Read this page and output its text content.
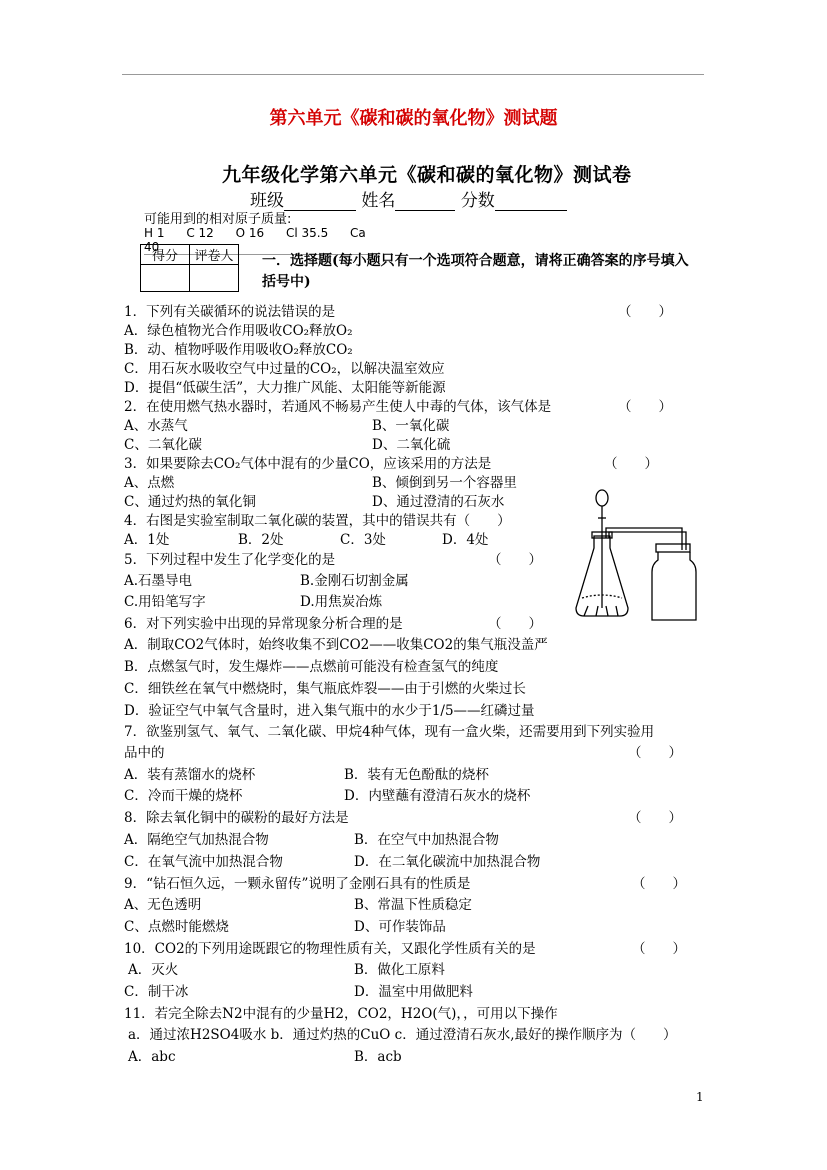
第六单元《碳和碳的氧化物》测试题
九年级化学第六单元《碳和碳的氧化物》测试卷
班级	姓名	分数
可能用到的相对原子质量:
H 1 C 12 O 16 Cl 35.5 Ca 40
得分	评卷人
	一．选择题(每小题只有一个选项符合题意，请将正确答案的序号填入括号中)
1．下列有关碳循环的说法错误的是	（　　）
A．绿色植物光合作用吸收CO₂释放O₂
B．动、植物呼吸作用吸收O₂释放CO₂
C．用石灰水吸收空气中过量的CO₂，以解决温室效应
D．提倡“低碳生活”，大力推广风能、太阳能等新能源
2．在使用燃气热水器时，若通风不畅易产生使人中毒的气体，该气体是	（　　）
A、水蒸气	B、一氧化碳
C、二氧化碳	D、二氧化硫
3．如果要除去CO₂气体中混有的少量CO，应该采用的方法是	（　　）
A、点燃	B、倾倒到另一个容器里
C、通过灼热的氧化铜	D、通过澄清的石灰水
4．右图是实验室制取二氧化碳的装置，其中的错误共有（　　）
A．1处	B．2处	C．3处	D．4处
5．下列过程中发生了化学变化的是	（　　）
A.石墨导电	B.金刚石切割金属
C.用铅笔写字	D.用焦炭冶炼
6．对下列实验中出现的异常现象分析合理的是	（　　）
A．制取CO2气体时，始终收集不到CO2——收集CO2的集气瓶没盖严
B．点燃氢气时，发生爆炸——点燃前可能没有检查氢气的纯度
C．细铁丝在氧气中燃烧时，集气瓶底炸裂——由于引燃的火柴过长
D．验证空气中氧气含量时，进入集气瓶中的水少于1/5——红磷过量
7．欲鉴别氢气、氧气、二氧化碳、甲烷4种气体，现有一盒火柴，还需要用到下列实验用
品中的	（　　）
A．装有蒸馏水的烧杯	B．装有无色酚酞的烧杯
C．冷而干燥的烧杯	D．内壁蘸有澄清石灰水的烧杯
8．除去氧化铜中的碳粉的最好方法是	（　　）
A．隔绝空气加热混合物	B．在空气中加热混合物
C．在氧气流中加热混合物	D．在二氧化碳流中加热混合物
9．“钻石恒久远，一颗永留传”说明了金刚石具有的性质是	（　　）
A、无色透明	B、常温下性质稳定
C、点燃时能燃烧	D、可作装饰品
10．CO2的下列用途既跟它的物理性质有关，又跟化学性质有关的是	（　　）
A．灭火	B．做化工原料
C．制干冰	D．温室中用做肥料
11．若完全除去N2中混有的少量H2，CO2，H2O(气)，，可用以下操作
a．通过浓H2SO4吸水 b．通过灼热的CuO c．通过澄清石灰水,最好的操作顺序为（　　）
A．abc	B．acb
1
